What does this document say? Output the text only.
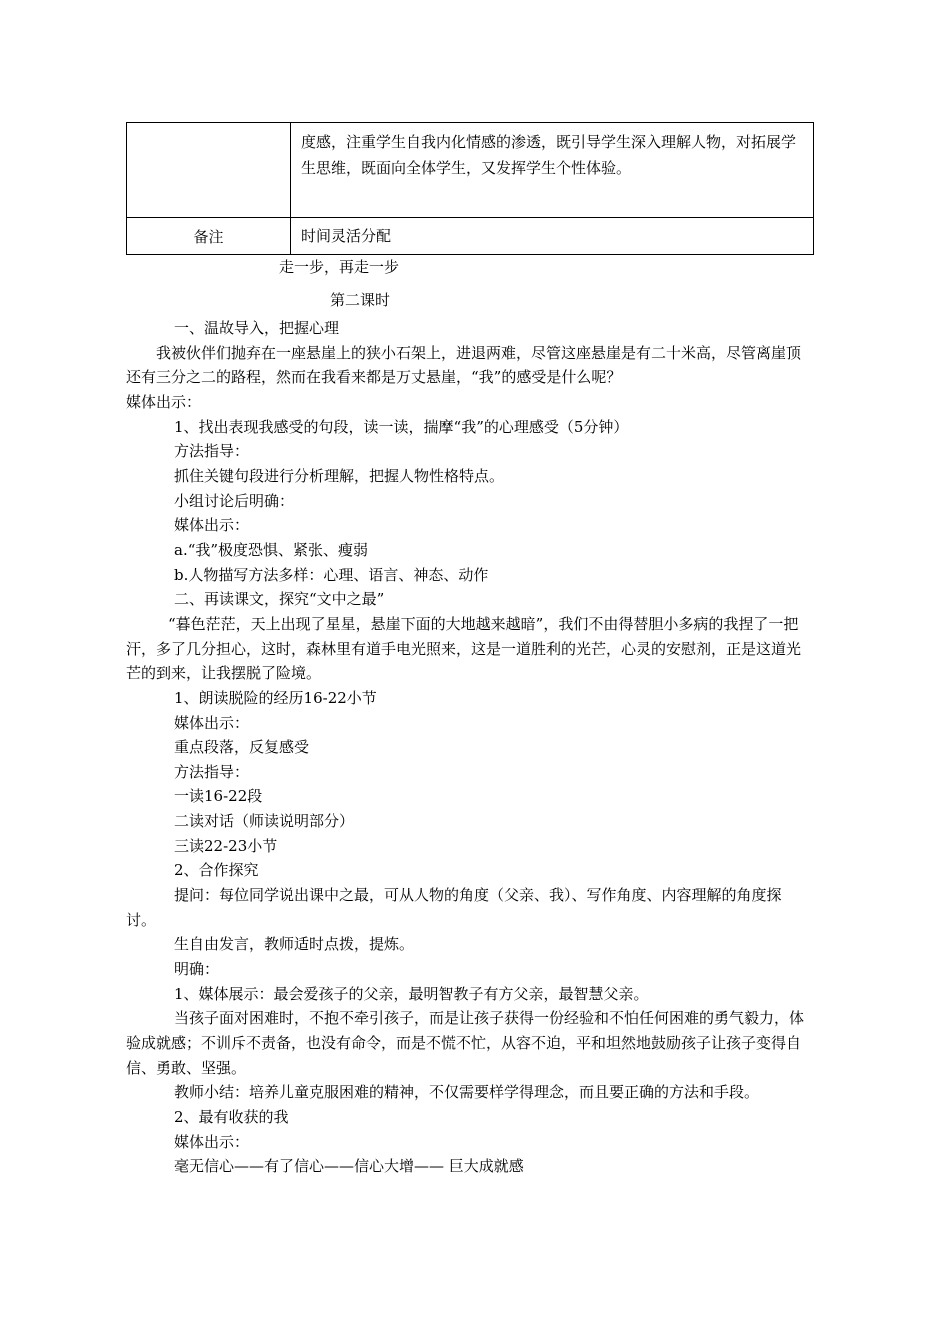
	度感，注重学生自我内化情感的渗透，既引导学生深入理解人物，对拓展学生思维，既面向全体学生，又发挥学生个性体验。
备注	时间灵活分配
走一步，再走一步
第二课时

一、温故导入，把握心理

我被伙伴们抛弃在一座悬崖上的狭小石架上，进退两难，尽管这座悬崖是有二十米高，尽管离崖顶还有三分之二的路程，然而在我看来都是万丈悬崖，“我”的感受是什么呢？

媒体出示：

1、找出表现我感受的句段，读一读，揣摩“我”的心理感受（5分钟）

方法指导：

抓住关键句段进行分析理解，把握人物性格特点。

小组讨论后明确：

媒体出示：

a.“我”极度恐惧、紧张、瘦弱

b.人物描写方法多样：心理、语言、神态、动作

二、再读课文，探究“文中之最”

“暮色茫茫，天上出现了星星，悬崖下面的大地越来越暗”，我们不由得替胆小多病的我捏了一把汗，多了几分担心，这时，森林里有道手电光照来，这是一道胜利的光芒，心灵的安慰剂，正是这道光芒的到来，让我摆脱了险境。

1、朗读脱险的经历16-22小节

媒体出示：

重点段落，反复感受

方法指导：

一读16-22段

二读对话（师读说明部分）

三读22-23小节

2、合作探究

提问：每位同学说出课中之最，可从人物的角度（父亲、我）、写作角度、内容理解的角度探讨。

生自由发言，教师适时点拨，提炼。

明确：

1、媒体展示：最会爱孩子的父亲，最明智教子有方父亲，最智慧父亲。

当孩子面对困难时，不抱不牵引孩子，而是让孩子获得一份经验和不怕任何困难的勇气毅力，体验成就感；不训斥不责备，也没有命令，而是不慌不忙，从容不迫，平和坦然地鼓励孩子让孩子变得自信、勇敢、坚强。

教师小结：培养儿童克服困难的精神，不仅需要样学得理念，而且要正确的方法和手段。

2、最有收获的我

媒体出示：

毫无信心——有了信心——信心大增—— 巨大成就感
